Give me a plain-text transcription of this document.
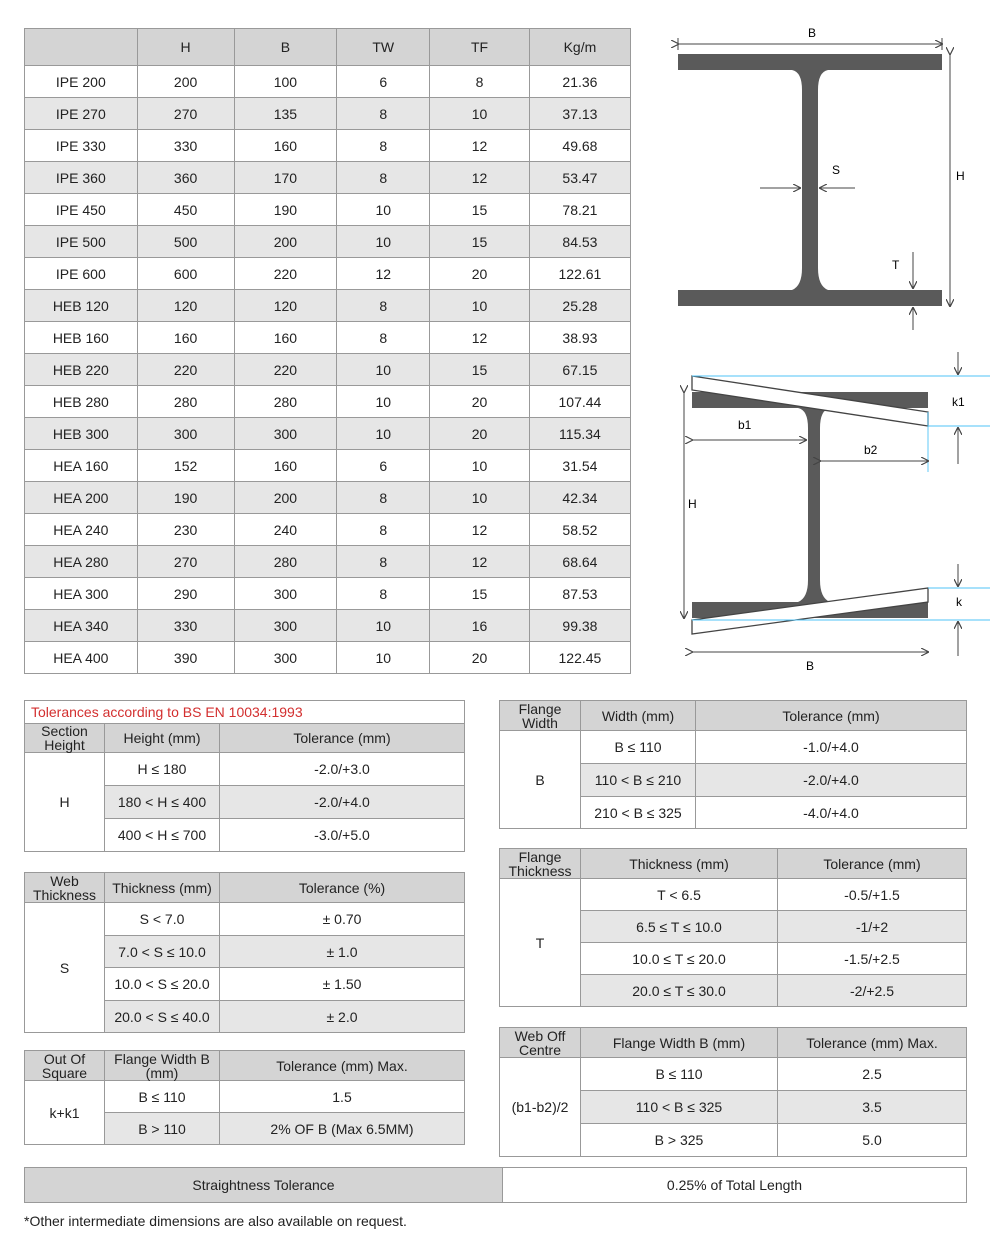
	H	B	TW	TF	Kg/m
IPE 200	200	100	6	8	21.36
IPE 270	270	135	8	10	37.13
IPE 330	330	160	8	12	49.68
IPE 360	360	170	8	12	53.47
IPE 450	450	190	10	15	78.21
IPE 500	500	200	10	15	84.53
IPE 600	600	220	12	20	122.61
HEB 120	120	120	8	10	25.28
HEB 160	160	160	8	12	38.93
HEB 220	220	220	10	15	67.15
HEB 280	280	280	10	20	107.44
HEB 300	300	300	10	20	115.34
HEA 160	152	160	6	10	31.54
HEA 200	190	200	8	10	42.34
HEA 240	230	240	8	12	58.52
HEA 280	270	280	8	12	68.64
HEA 300	290	300	8	15	87.53
HEA 340	330	300	10	16	99.38
HEA 400	390	300	10	20	122.45
B
H
S
T
k1
b1
b2
H
k
B
Tolerances according to BS EN 10034:1993		
Section Height	Height (mm)	Tolerance (mm)
H	H ≤ 180	-2.0/+3.0
	180 < H ≤ 400	-2.0/+4.0
	400 < H ≤ 700	-3.0/+5.0
Web Thickness	Thickness (mm)	Tolerance (%)
S	S < 7.0	± 0.70
	7.0 < S ≤ 10.0	± 1.0
	10.0 < S ≤ 20.0	± 1.50
	20.0 < S ≤ 40.0	± 2.0
Out Of Square	Flange Width B (mm)	Tolerance (mm) Max.
k+k1	B ≤ 110	1.5
	B > 110	2% OF B (Max 6.5MM)
Flange Width	Width (mm)	Tolerance (mm)
B	B ≤ 110	-1.0/+4.0
	110 < B ≤ 210	-2.0/+4.0
	210 < B ≤ 325	-4.0/+4.0
Flange Thickness	Thickness (mm)	Tolerance (mm)
T	T < 6.5	-0.5/+1.5
	6.5 ≤ T ≤ 10.0	-1/+2
	10.0 ≤ T ≤ 20.0	-1.5/+2.5
	20.0 ≤ T ≤ 30.0	-2/+2.5
Web Off Centre	Flange Width B (mm)	Tolerance (mm) Max.
(b1-b2)/2	B ≤ 110	2.5
	110 < B ≤ 325	3.5
	B > 325	5.0
Straightness Tolerance	0.25% of Total Length
*Other intermediate dimensions are also available on request.
